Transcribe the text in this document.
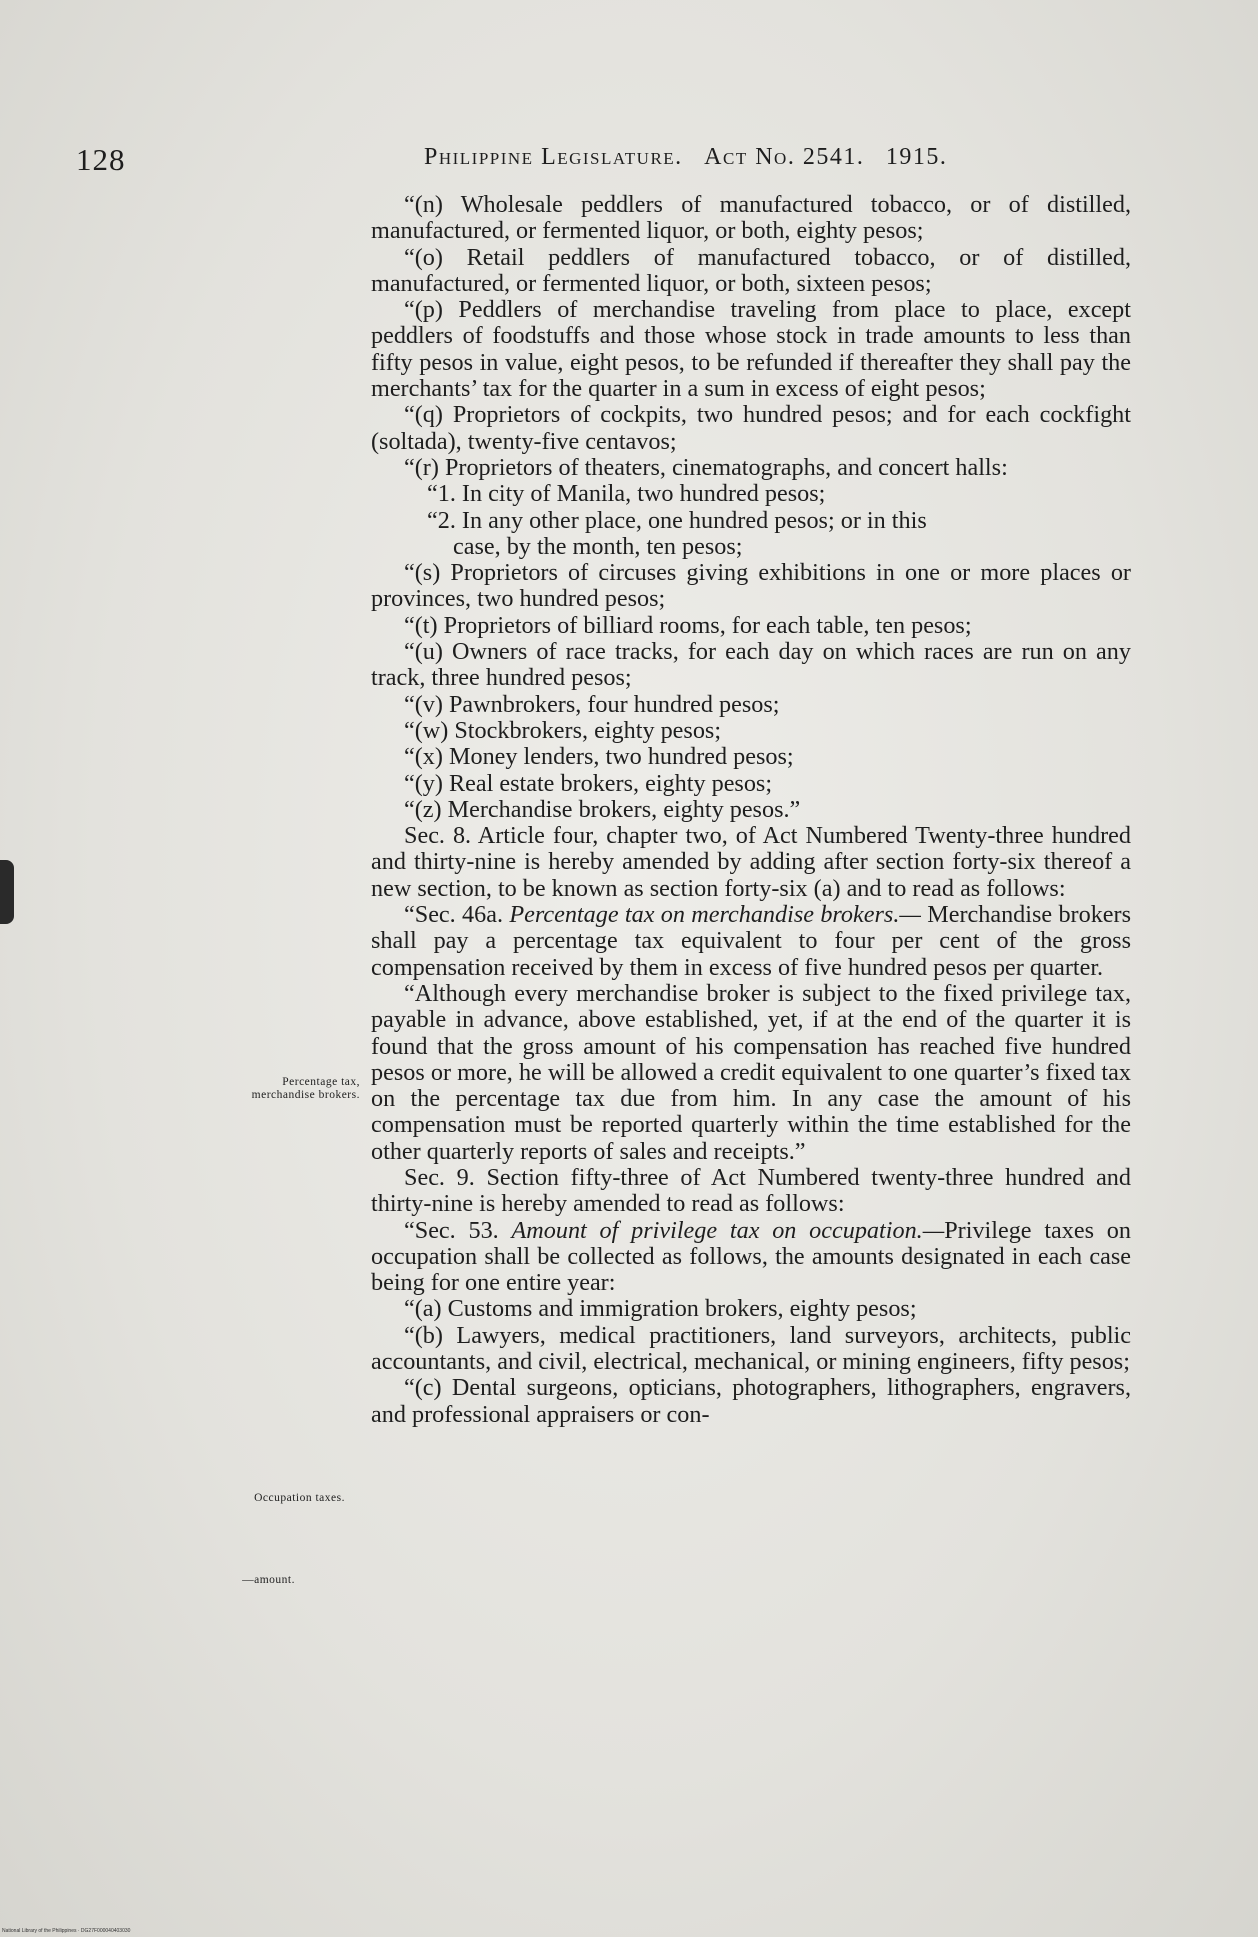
128	Philippine Legislature. Act No. 2541. 1915.
Percentage tax,
merchandise brokers.
Occupation taxes.
—amount.

“(n) Wholesale peddlers of manufactured tobacco, or of distilled, manufactured, or fermented liquor, or both, eighty pesos;

“(o) Retail peddlers of manufactured tobacco, or of distilled, manufactured, or fermented liquor, or both, sixteen pesos;

“(p) Peddlers of merchandise traveling from place to place, except peddlers of foodstuffs and those whose stock in trade amounts to less than fifty pesos in value, eight pesos, to be refunded if thereafter they shall pay the merchants’ tax for the quarter in a sum in excess of eight pesos;

“(q) Proprietors of cockpits, two hundred pesos; and for each cockfight (soltada), twenty-five centavos;

“(r) Proprietors of theaters, cinematographs, and concert halls:

“1. In city of Manila, two hundred pesos;

“2. In any other place, one hundred pesos; or in this
case, by the month, ten pesos;

“(s) Proprietors of circuses giving exhibitions in one or more places or provinces, two hundred pesos;

“(t) Proprietors of billiard rooms, for each table, ten pesos;

“(u) Owners of race tracks, for each day on which races are run on any track, three hundred pesos;

“(v) Pawnbrokers, four hundred pesos;

“(w) Stockbrokers, eighty pesos;

“(x) Money lenders, two hundred pesos;

“(y) Real estate brokers, eighty pesos;

“(z) Merchandise brokers, eighty pesos.”

Sec. 8. Article four, chapter two, of Act Numbered Twenty-three hundred and thirty-nine is hereby amended by adding after section forty-six thereof a new section, to be known as section forty-six (a) and to read as follows:

“Sec. 46a. Percentage tax on merchandise brokers.— Merchandise brokers shall pay a percentage tax equivalent to four per cent of the gross compensation received by them in excess of five hundred pesos per quarter.

“Although every merchandise broker is subject to the fixed privilege tax, payable in advance, above established, yet, if at the end of the quarter it is found that the gross amount of his compensation has reached five hundred pesos or more, he will be allowed a credit equivalent to one quarter’s fixed tax on the percentage tax due from him. In any case the amount of his compensation must be reported quarterly within the time established for the other quarterly reports of sales and receipts.”

Sec. 9. Section fifty-three of Act Numbered twenty-three hundred and thirty-nine is hereby amended to read as follows:

“Sec. 53. Amount of privilege tax on occupation.—Privilege taxes on occupation shall be collected as follows, the amounts designated in each case being for one entire year:

“(a) Customs and immigration brokers, eighty pesos;

“(b) Lawyers, medical practitioners, land surveyors, architects, public accountants, and civil, electrical, mechanical, or mining engineers, fifty pesos;

“(c) Dental surgeons, opticians, photographers, lithographers, engravers, and professional appraisers or con-

National Library of the Philippines · DG27F000040403030
